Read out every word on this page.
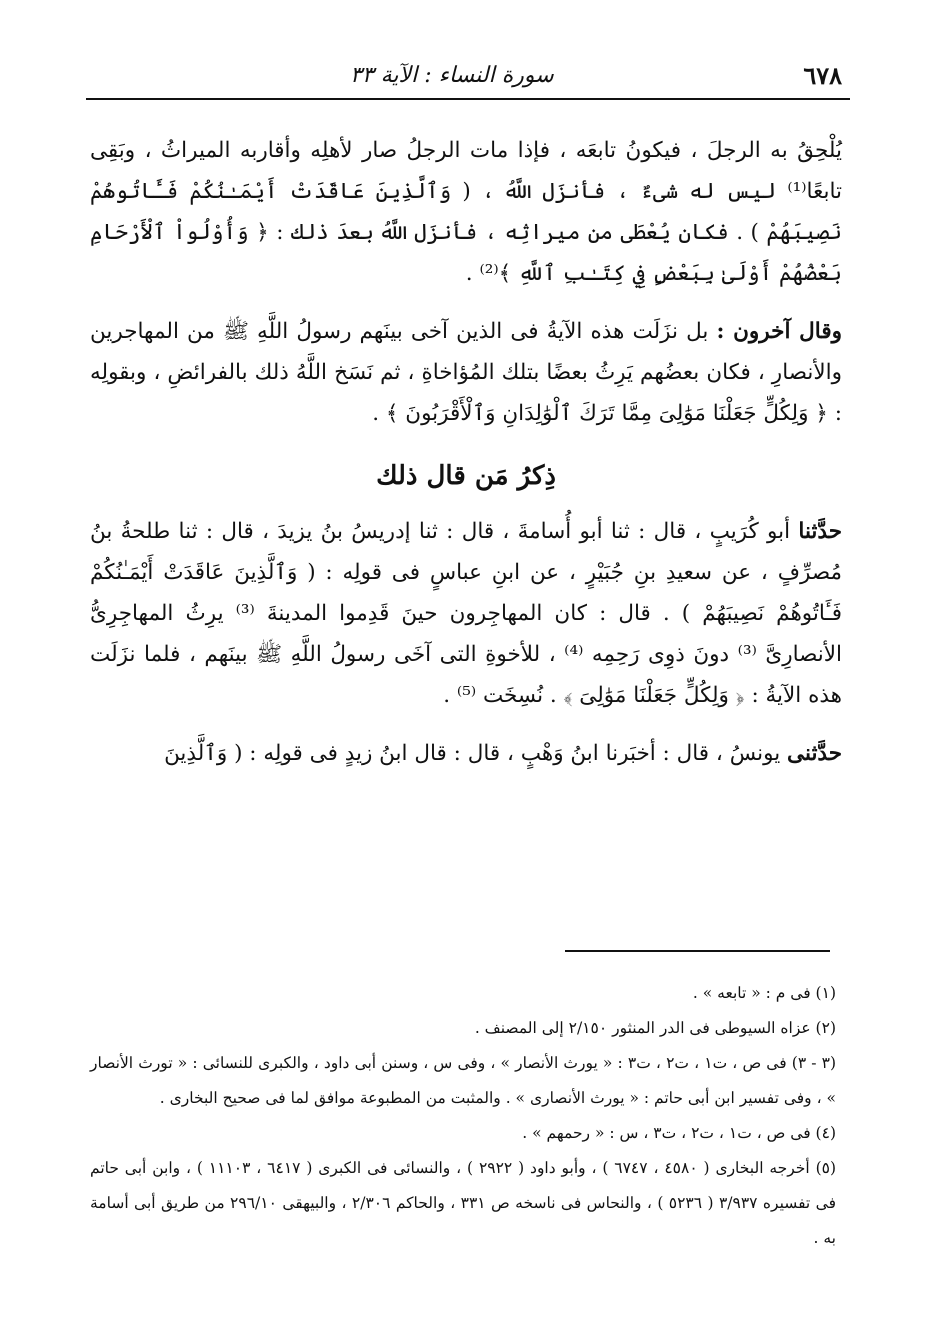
٦٧٨
سورة النساء : الآية ٣٣

يُلْحِقُ به الرجلَ ، فيكونُ تابعَه ، فإذا مات الرجلُ صار لأهلِه وأقاربه الميراثُ ، وبَقِى تابعًا⁽¹⁾ ليس له شىءٌ ، فأنزَل اللَّهُ ، ( وَٱلَّذِينَ عَاقَدَتْ أَيْمَـٰنُكُمْ فَـَٔاتُوهُمْ نَصِيبَهُمْ ) . فكان يُعْطَى من ميراثِه ، فأنزَل اللَّهُ بعدَ ذلك : ﴿ وَأُوْلُواْ ٱلْأَرْحَامِ بَعْضُهُمْ أَوْلَىٰ بِبَعْضٍ فِي كِتَـٰبِ ٱللَّهِ ﴾⁽²⁾ .

وقال آخرون : بل نزَلَت هذه الآيةُ فى الذين آخى بينَهم رسولُ اللَّهِ ﷺ من المهاجرين والأنصارِ ، فكان بعضُهم يَرِثُ بعضًا بتلك المُؤاخاةِ ، ثم نَسَخ اللَّهُ ذلك بالفرائضِ ، وبقولِه : ﴿ وَلِكُلٍّ جَعَلْنَا مَوَٰلِىَ مِمَّا تَرَكَ ٱلْوَٰلِدَانِ وَٱلْأَقْرَبُونَ ﴾ .

ذِكرُ مَن قال ذلك

حدَّثنا أبو كُرَيبٍ ، قال : ثنا أبو أُسامةَ ، قال : ثنا إدريسُ بنُ يزيدَ ، قال : ثنا طلحةُ بنُ مُصرِّفٍ ، عن سعيدِ بنِ جُبَيْرٍ ، عن ابنِ عباسٍ فى قولِه : ( وَٱلَّذِينَ عَاقَدَتْ أَيْمَـٰنُكُمْ فَـَٔاتُوهُمْ نَصِيبَهُمْ ) . قال : كان المهاجِرون حينَ قَدِموا المدينةَ ⁽³⁾ يرِثُ المهاجِرِىُّ الأنصارِىَّ ⁽³⁾ دونَ ذوِى رَحِمِه ⁽⁴⁾ ، للأخوةِ التى آخَى رسولُ اللَّهِ ﷺ بينَهم ، فلما نزَلَت هذه الآيةُ : ﴿ وَلِكُلٍّ جَعَلْنَا مَوَٰلِىَ ﴾ . نُسِخَت ⁽⁵⁾ .

حدَّثنى يونسُ ، قال : أخبَرنا ابنُ وَهْبٍ ، قال : قال ابنُ زيدٍ فى قولِه : ( وَٱلَّذِينَ

(١) فى م : « تابعه » .

(٢) عزاه السيوطى فى الدر المنثور ٢/١٥٠ إلى المصنف .

(٣ - ٣) فى ص ، ت١ ، ت٢ ، ت٣ : « يورث الأنصار » ، وفى س ، وسنن أبى داود ، والكبرى للنسائى : « تورث الأنصار » ، وفى تفسير ابن أبى حاتم : « يورث الأنصارى » . والمثبت من المطبوعة موافق لما فى صحيح البخارى .

(٤) فى ص ، ت١ ، ت٢ ، ت٣ ، س : « رحمهم » .

(٥) أخرجه البخارى ( ٤٥٨٠ ، ٦٧٤٧ ) ، وأبو داود ( ٢٩٢٢ ) ، والنسائى فى الكبرى ( ٦٤١٧ ، ١١١٠٣ ) ، وابن أبى حاتم فى تفسيره ٣/٩٣٧ ( ٥٢٣٦ ) ، والنحاس فى ناسخه ص ٣٣١ ، والحاكم ٢/٣٠٦ ، والبيهقى ٢٩٦/١٠ من طريق أبى أسامة به .
